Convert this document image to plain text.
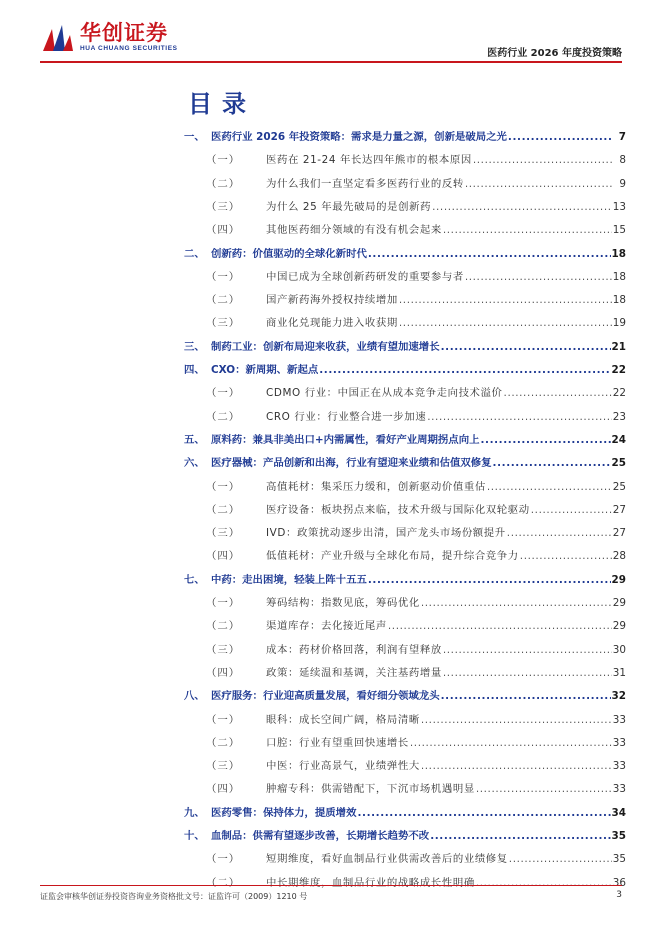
华创证券
HUA CHUANG SECURITIES	医药行业 2026 年度投资策略
目录
一、 医药行业 2026 年投资策略：需求是力量之源，创新是破局之光 .....	7
（一）	医药在 21-24 年长达四年熊市的根本原因 .....	8
（二）	为什么我们一直坚定看多医药行业的反转 .....	9
（三）	为什么 25 年最先破局的是创新药 .....	13
（四）	其他医药细分领域的有没有机会起来 .....	15
二、 创新药：价值驱动的全球化新时代 .....	18
（一）	中国已成为全球创新药研发的重要参与者 .....	18
（二）	国产新药海外授权持续增加 .....	18
（三）	商业化兑现能力进入收获期 .....	19
三、 制药工业：创新布局迎来收获，业绩有望加速增长 .....	21
四、 CXO：新周期、新起点 .....	22
（一）	CDMO 行业：中国正在从成本竞争走向技术溢价 .....	22
（二）	CRO 行业：行业整合进一步加速 .....	23
五、 原料药：兼具非美出口+内需属性，看好产业周期拐点向上 .....	24
六、 医疗器械：产品创新和出海，行业有望迎来业绩和估值双修复 .....	25
（一）	高值耗材：集采压力缓和，创新驱动价值重估 .....	25
（二）	医疗设备：板块拐点来临，技术升级与国际化双轮驱动 .....	27
（三）	IVD：政策扰动逐步出清，国产龙头市场份额提升 .....	27
（四）	低值耗材：产业升级与全球化布局，提升综合竞争力 .....	28
七、 中药：走出困境，轻装上阵十五五 .....	29
（一）	筹码结构：指数见底，筹码优化 .....	29
（二）	渠道库存：去化接近尾声 .....	29
（三）	成本：药材价格回落，利润有望释放 .....	30
（四）	政策：延续温和基调，关注基药增量 .....	31
八、 医疗服务：行业迎高质量发展，看好细分领域龙头 .....	32
（一）	眼科：成长空间广阔，格局清晰 .....	33
（二）	口腔：行业有望重回快速增长 .....	33
（三）	中医：行业高景气，业绩弹性大 .....	33
（四）	肿瘤专科：供需错配下，下沉市场机遇明显 .....	33
九、 医药零售：保持体力，提质增效 .....	34
十、 血制品：供需有望逐步改善，长期增长趋势不改 .....	35
（一）	短期维度，看好血制品行业供需改善后的业绩修复 .....	35
（二）	中长期维度，血制品行业的战略成长性明确 .....	36
证监会审核华创证券投资咨询业务资格批文号：证监许可（2009）1210 号	3
